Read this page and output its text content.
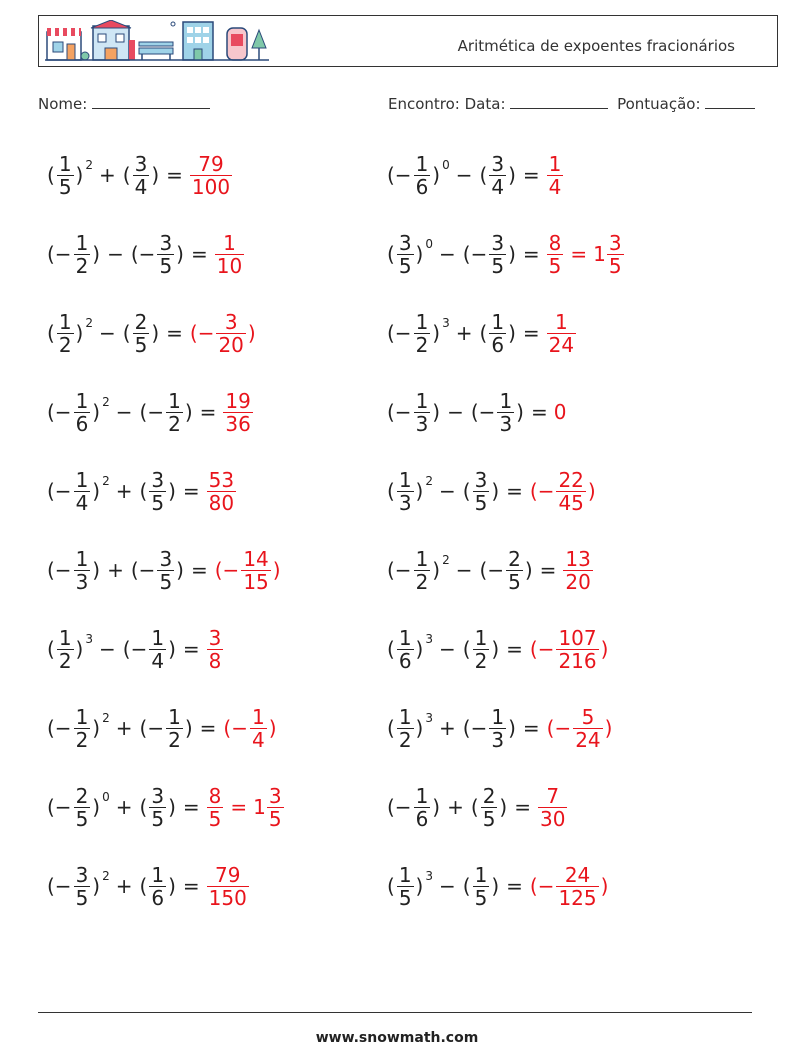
Aritmética de expoentes fracionários
Nome:	Encontro: Data:	Pontuação:
( $\frac{1}{5}$ ) 2 + ( $\frac{3}{4}$ ) = $\frac{79}{100}$	(− $\frac{1}{6}$ ) 0 − ( $\frac{3}{4}$ ) = $\frac{1}{4}$
(− $\frac{1}{2}$ ) − (− $\frac{3}{5}$ ) = $\frac{1}{10}$	( $\frac{3}{5}$ ) 0 − (− $\frac{3}{5}$ ) = $\frac{8}{5} = 1 \frac{3}{5}$
( $\frac{1}{2}$ ) 2 − ( $\frac{2}{5}$ ) = (− $\frac{3}{20}$ )	(− $\frac{1}{2}$ ) 3 + ( $\frac{1}{6}$ ) = $\frac{1}{24}$
(− $\frac{1}{6}$ ) 2 − (− $\frac{1}{2}$ ) = $\frac{19}{36}$	(− $\frac{1}{3}$ ) − (− $\frac{1}{3}$ ) = 0
(− $\frac{1}{4}$ ) 2 + ( $\frac{3}{5}$ ) = $\frac{53}{80}$	( $\frac{1}{3}$ ) 2 − ( $\frac{3}{5}$ ) = (− $\frac{22}{45}$ )
(− $\frac{1}{3}$ ) + (− $\frac{3}{5}$ ) = (− $\frac{14}{15}$ )	(− $\frac{1}{2}$ ) 2 − (− $\frac{2}{5}$ ) = $\frac{13}{20}$
( $\frac{1}{2}$ ) 3 − (− $\frac{1}{4}$ ) = $\frac{3}{8}$	( $\frac{1}{6}$ ) 3 − ( $\frac{1}{2}$ ) = (− $\frac{107}{216}$ )
(− $\frac{1}{2}$ ) 2 + (− $\frac{1}{2}$ ) = (− $\frac{1}{4}$ )	( $\frac{1}{2}$ ) 3 + (− $\frac{1}{3}$ ) = (− $\frac{5}{24}$ )
(− $\frac{2}{5}$ ) 0 + ( $\frac{3}{5}$ ) = $\frac{8}{5} = 1 \frac{3}{5}$	(− $\frac{1}{6}$ ) + ( $\frac{2}{5}$ ) = $\frac{7}{30}$
(− $\frac{3}{5}$ ) 2 + ( $\frac{1}{6}$ ) = $\frac{79}{150}$	( $\frac{1}{5}$ ) 3 − ( $\frac{1}{5}$ ) = (− $\frac{24}{125}$ )
www.snowmath.com
